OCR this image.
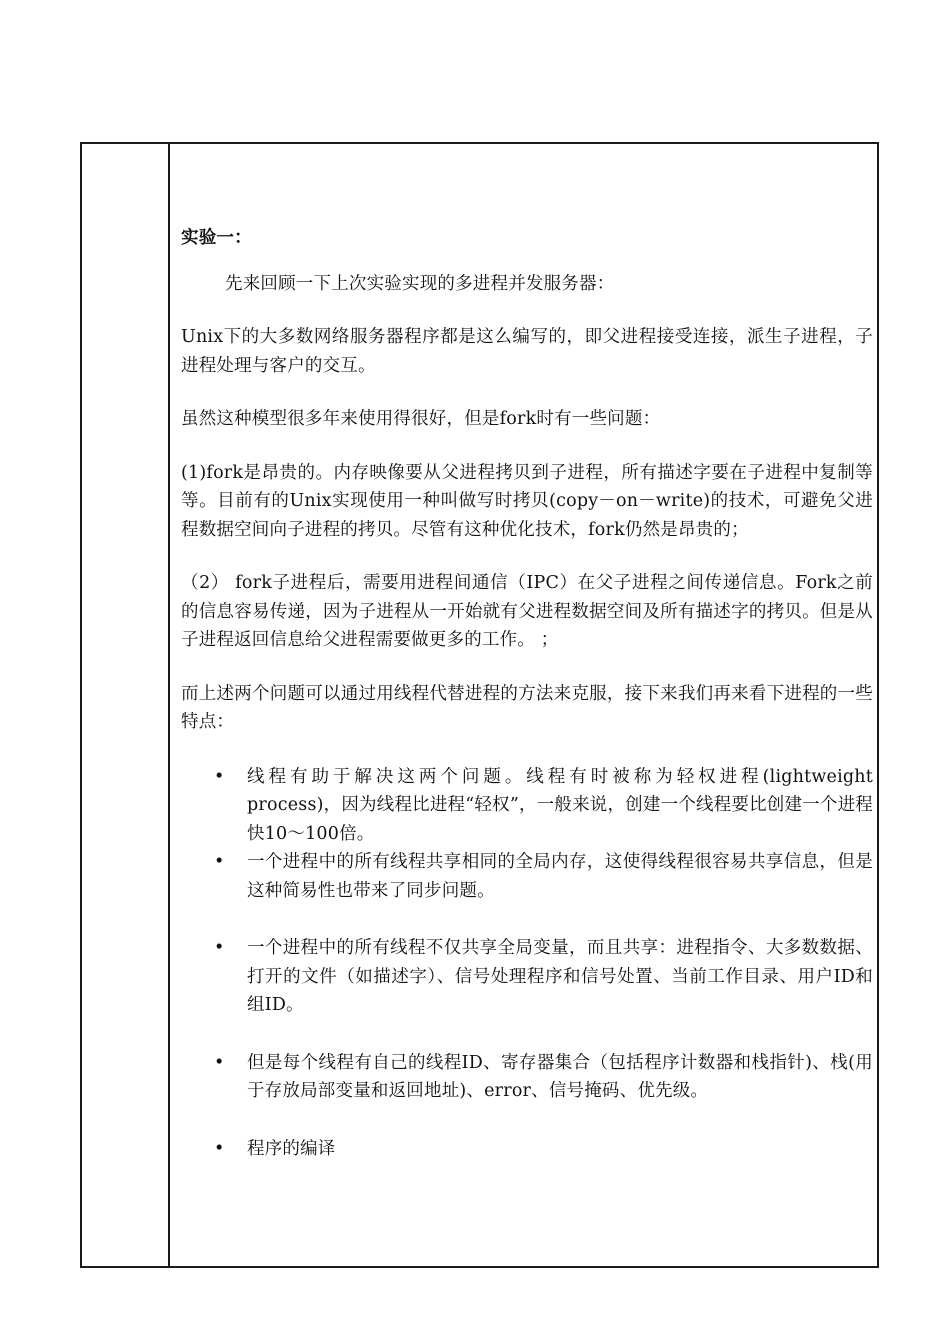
实验一：

先来回顾一下上次实验实现的多进程并发服务器：

Unix下的大多数网络服务器程序都是这么编写的，即父进程接受连接，派生子进程，子进程处理与客户的交互。

虽然这种模型很多年来使用得很好，但是fork时有一些问题：

(1)fork是昂贵的。内存映像要从父进程拷贝到子进程，所有描述字要在子进程中复制等等。目前有的Unix实现使用一种叫做写时拷贝(copy－on－write)的技术，可避免父进程数据空间向子进程的拷贝。尽管有这种优化技术，fork仍然是昂贵的；

（2） fork子进程后，需要用进程间通信（IPC）在父子进程之间传递信息。Fork之前的信息容易传递，因为子进程从一开始就有父进程数据空间及所有描述字的拷贝。但是从子进程返回信息给父进程需要做更多的工作。 ；

而上述两个问题可以通过用线程代替进程的方法来克服，接下来我们再来看下进程的一些特点：

• 线程有助于解决这两个问题。线程有时被称为轻权进程(lightweight process)，因为线程比进程“轻权”，一般来说，创建一个线程要比创建一个进程快10～100倍。
• 一个进程中的所有线程共享相同的全局内存，这使得线程很容易共享信息，但是这种简易性也带来了同步问题。
• 一个进程中的所有线程不仅共享全局变量，而且共享：进程指令、大多数数据、打开的文件（如描述字）、信号处理程序和信号处置、当前工作目录、用户ID和组ID。
• 但是每个线程有自己的线程ID、寄存器集合（包括程序计数器和栈指针)、栈(用于存放局部变量和返回地址)、error、信号掩码、优先级。
• 程序的编译
